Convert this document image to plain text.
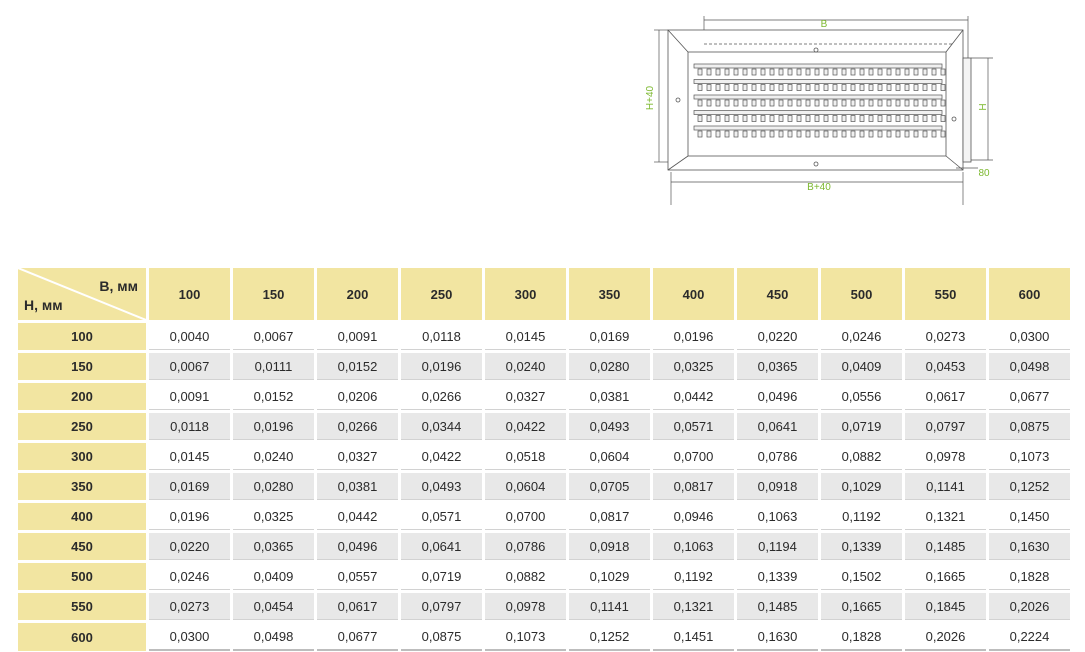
B
H+40	H
B+40
80
B, мм
H, мм	100	150	200	250	300	350	400	450	500	550	600

100	0,0040	0,0067	0,0091	0,0118	0,0145	0,0169	0,0196	0,0220	0,0246	0,0273	0,0300

150	0,0067	0,0111	0,0152	0,0196	0,0240	0,0280	0,0325	0,0365	0,0409	0,0453	0,0498

200	0,0091	0,0152	0,0206	0,0266	0,0327	0,0381	0,0442	0,0496	0,0556	0,0617	0,0677

250	0,0118	0,0196	0,0266	0,0344	0,0422	0,0493	0,0571	0,0641	0,0719	0,0797	0,0875

300	0,0145	0,0240	0,0327	0,0422	0,0518	0,0604	0,0700	0,0786	0,0882	0,0978	0,1073

350	0,0169	0,0280	0,0381	0,0493	0,0604	0,0705	0,0817	0,0918	0,1029	0,1141	0,1252

400	0,0196	0,0325	0,0442	0,0571	0,0700	0,0817	0,0946	0,1063	0,1192	0,1321	0,1450

450	0,0220	0,0365	0,0496	0,0641	0,0786	0,0918	0,1063	0,1194	0,1339	0,1485	0,1630

500	0,0246	0,0409	0,0557	0,0719	0,0882	0,1029	0,1192	0,1339	0,1502	0,1665	0,1828

550	0,0273	0,0454	0,0617	0,0797	0,0978	0,1141	0,1321	0,1485	0,1665	0,1845	0,2026

600	0,0300	0,0498	0,0677	0,0875	0,1073	0,1252	0,1451	0,1630	0,1828	0,2026	0,2224
